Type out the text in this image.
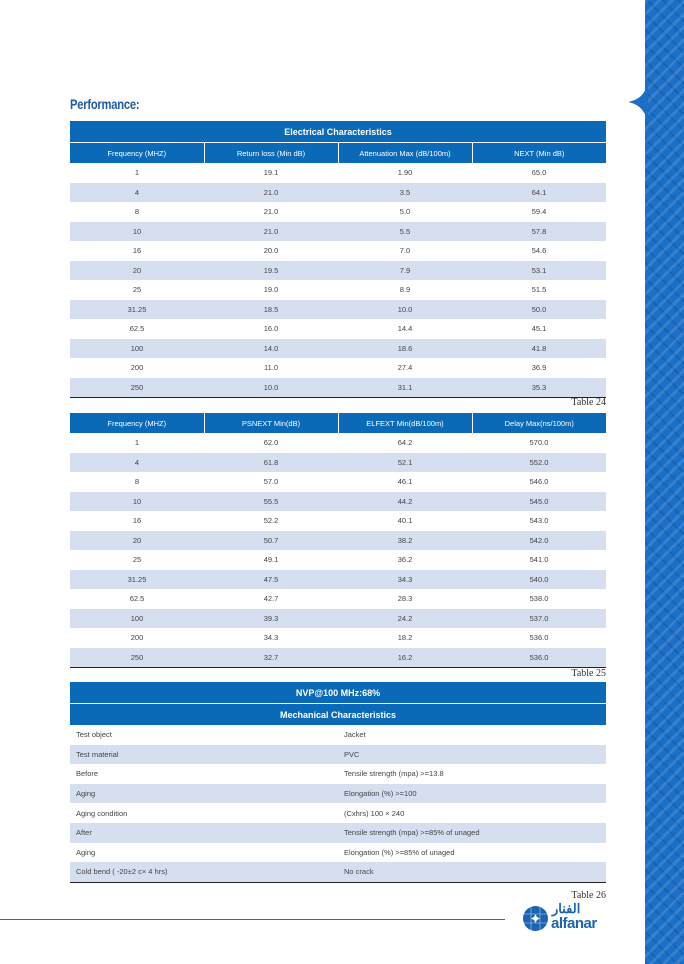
Performance:
Electrical Characteristics			
Frequency (MHZ)	Return loss (Min dB)	Attenuation Max (dB/100m)	NEXT (Min dB)
1	19.1	1.90	65.0
4	21.0	3.5	64.1
8	21.0	5.0	59.4
10	21.0	5.5	57.8
16	20.0	7.0	54.6
20	19.5	7.9	53.1
25	19.0	8.9	51.5
31.25	18.5	10.0	50.0
62.5	16.0	14.4	45.1
100	14.0	18.6	41.8
200	11.0	27.4	36.9
250	10.0	31.1	35.3
Table 24
Frequency (MHZ)	PSNEXT Min(dB)	ELFEXT Min(dB/100m)	Delay Max(ns/100m)
1	62.0	64.2	570.0
4	61.8	52.1	552.0
8	57.0	46.1	546.0
10	55.5	44.2	545.0
16	52.2	40.1	543.0
20	50.7	38.2	542.0
25	49.1	36.2	541.0
31.25	47.5	34.3	540.0
62.5	42.7	28.3	538.0
100	39.3	24.2	537.0
200	34.3	18.2	536.0
250	32.7	16.2	536.0
Table 25
NVP@100 MHz:68%	
Mechanical Characteristics	
Test object	Jacket
Test material	PVC
Before	Tensile strength (mpa) >=13.8
Aging	Elongation (%) >=100
Aging condition	(Cxhrs) 100 × 240
After	Tensile strength (mpa) >=85% of unaged
Aging	Elongation (%) >=85% of unaged
Cold bend ( -20±2 c× 4 hrs)	No crack
Table 26
الفنار
alfanar
